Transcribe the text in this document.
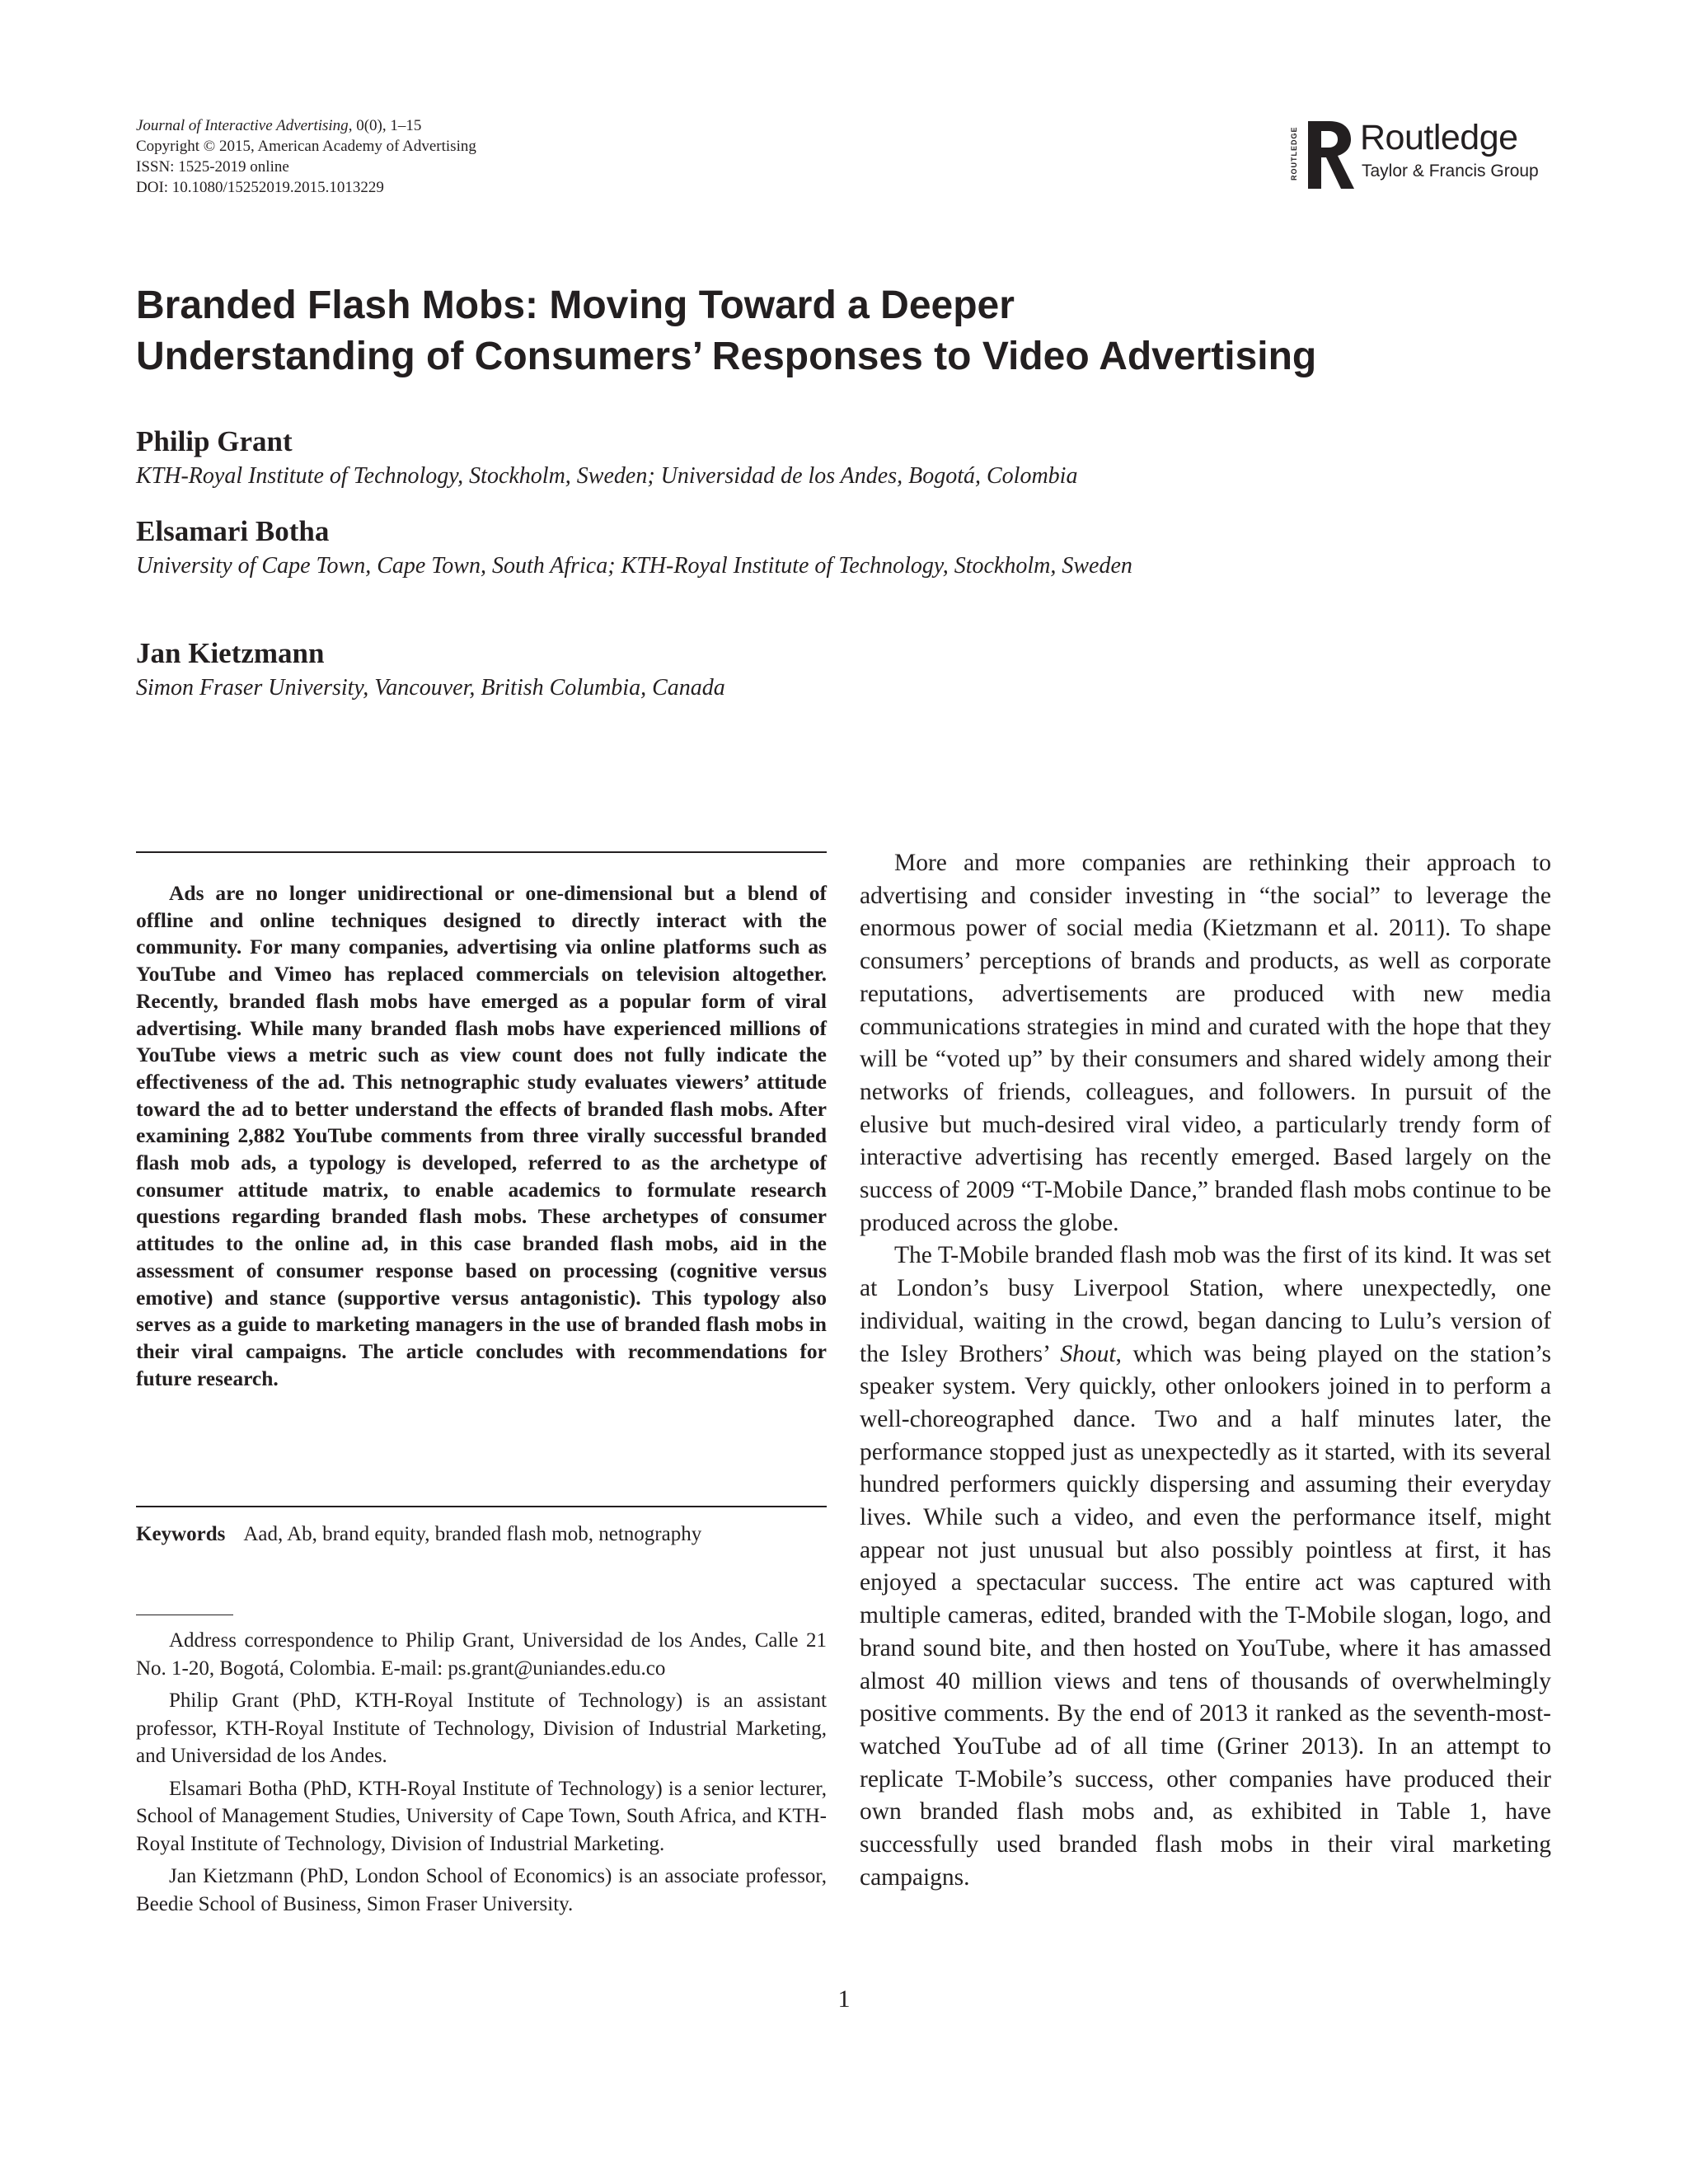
Journal of Interactive Advertising, 0(0), 1–15
Copyright © 2015, American Academy of Advertising
ISSN: 1525-2019 online
DOI: 10.1080/15252019.2015.1013229
ROUTLEDGE Routledge
Taylor & Francis Group
Branded Flash Mobs: Moving Toward a Deeper
Understanding of Consumers’ Responses to Video Advertising
Philip Grant
KTH-Royal Institute of Technology, Stockholm, Sweden; Universidad de los Andes, Bogotá, Colombia
Elsamari Botha
University of Cape Town, Cape Town, South Africa; KTH-Royal Institute of Technology, Stockholm, Sweden
Jan Kietzmann
Simon Fraser University, Vancouver, British Columbia, Canada

Ads are no longer unidirectional or one-dimensional but a blend of offline and online techniques designed to directly interact with the community. For many companies, advertising via online platforms such as YouTube and Vimeo has replaced commercials on television altogether. Recently, branded flash mobs have emerged as a popular form of viral advertising. While many branded flash mobs have experienced millions of YouTube views a metric such as view count does not fully indicate the effectiveness of the ad. This netnographic study evaluates viewers’ attitude toward the ad to better understand the effects of branded flash mobs. After examining 2,882 YouTube comments from three virally successful branded flash mob ads, a typology is developed, referred to as the archetype of consumer attitude matrix, to enable academics to formulate research questions regarding branded flash mobs. These archetypes of consumer attitudes to the online ad, in this case branded flash mobs, aid in the assessment of consumer response based on processing (cognitive versus emotive) and stance (supportive versus antagonistic). This typology also serves as a guide to marketing managers in the use of branded flash mobs in their viral campaigns. The article concludes with recommendations for future research.

Keywords Aad, Ab, brand equity, branded flash mob, netnography

Address correspondence to Philip Grant, Universidad de los Andes, Calle 21 No. 1-20, Bogotá, Colombia. E-mail: ps.grant@uniandes.edu.co

Philip Grant (PhD, KTH-Royal Institute of Technology) is an assistant professor, KTH-Royal Institute of Technology, Division of Industrial Marketing, and Universidad de los Andes.

Elsamari Botha (PhD, KTH-Royal Institute of Technology) is a senior lecturer, School of Management Studies, University of Cape Town, South Africa, and KTH-Royal Institute of Technology, Division of Industrial Marketing.

Jan Kietzmann (PhD, London School of Economics) is an associate professor, Beedie School of Business, Simon Fraser University.

More and more companies are rethinking their approach to advertising and consider investing in “the social” to leverage the enormous power of social media (Kietzmann et al. 2011). To shape consumers’ perceptions of brands and products, as well as corporate reputations, advertisements are produced with new media communications strategies in mind and curated with the hope that they will be “voted up” by their consumers and shared widely among their networks of friends, colleagues, and followers. In pursuit of the elusive but much-desired viral video, a particularly trendy form of interactive advertising has recently emerged. Based largely on the success of 2009 “T-Mobile Dance,” branded flash mobs continue to be produced across the globe.

The T-Mobile branded flash mob was the first of its kind. It was set at London’s busy Liverpool Station, where unexpectedly, one individual, waiting in the crowd, began dancing to Lulu’s version of the Isley Brothers’ Shout, which was being played on the station’s speaker system. Very quickly, other onlookers joined in to perform a well-choreographed dance. Two and a half minutes later, the performance stopped just as unexpectedly as it started, with its several hundred performers quickly dispersing and assuming their everyday lives. While such a video, and even the performance itself, might appear not just unusual but also possibly pointless at first, it has enjoyed a spectacular success. The entire act was captured with multiple cameras, edited, branded with the T-Mobile slogan, logo, and brand sound bite, and then hosted on YouTube, where it has amassed almost 40 million views and tens of thousands of overwhelmingly positive comments. By the end of 2013 it ranked as the seventh-most-watched YouTube ad of all time (Griner 2013). In an attempt to replicate T-Mobile’s success, other companies have produced their own branded flash mobs and, as exhibited in Table 1, have successfully used branded flash mobs in their viral marketing campaigns.

1
